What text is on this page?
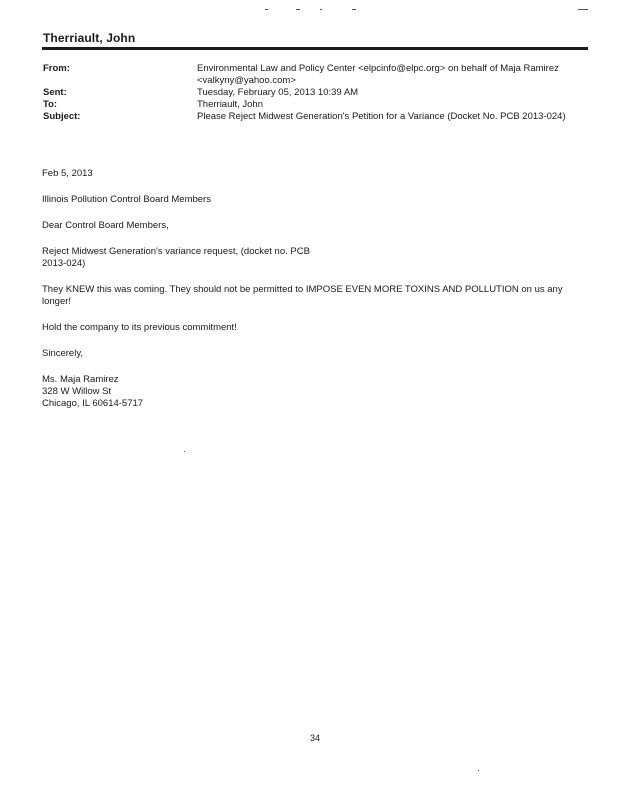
Therriault, John
From:	Environmental Law and Policy Center <elpcinfo@elpc.org> on behalf of Maja Ramirez
<valkyny@yahoo.com>
Sent:	Tuesday, February 05, 2013 10:39 AM
To:	Therriault, John
Subject:	Please Reject Midwest Generation's Petition for a Variance (Docket No. PCB 2013-024)

Feb 5, 2013

Illinois Pollution Control Board Members

Dear Control Board Members,

Reject Midwest Generation's variance request, (docket no. PCB
2013-024)

They KNEW this was coming. They should not be permitted to IMPOSE EVEN MORE TOXINS AND POLLUTION on us any
longer!

Hold the company to its previous commitment!

Sincerely,

Ms. Maja Ramirez
328 W Willow St
Chicago, IL 60614-5717

34
